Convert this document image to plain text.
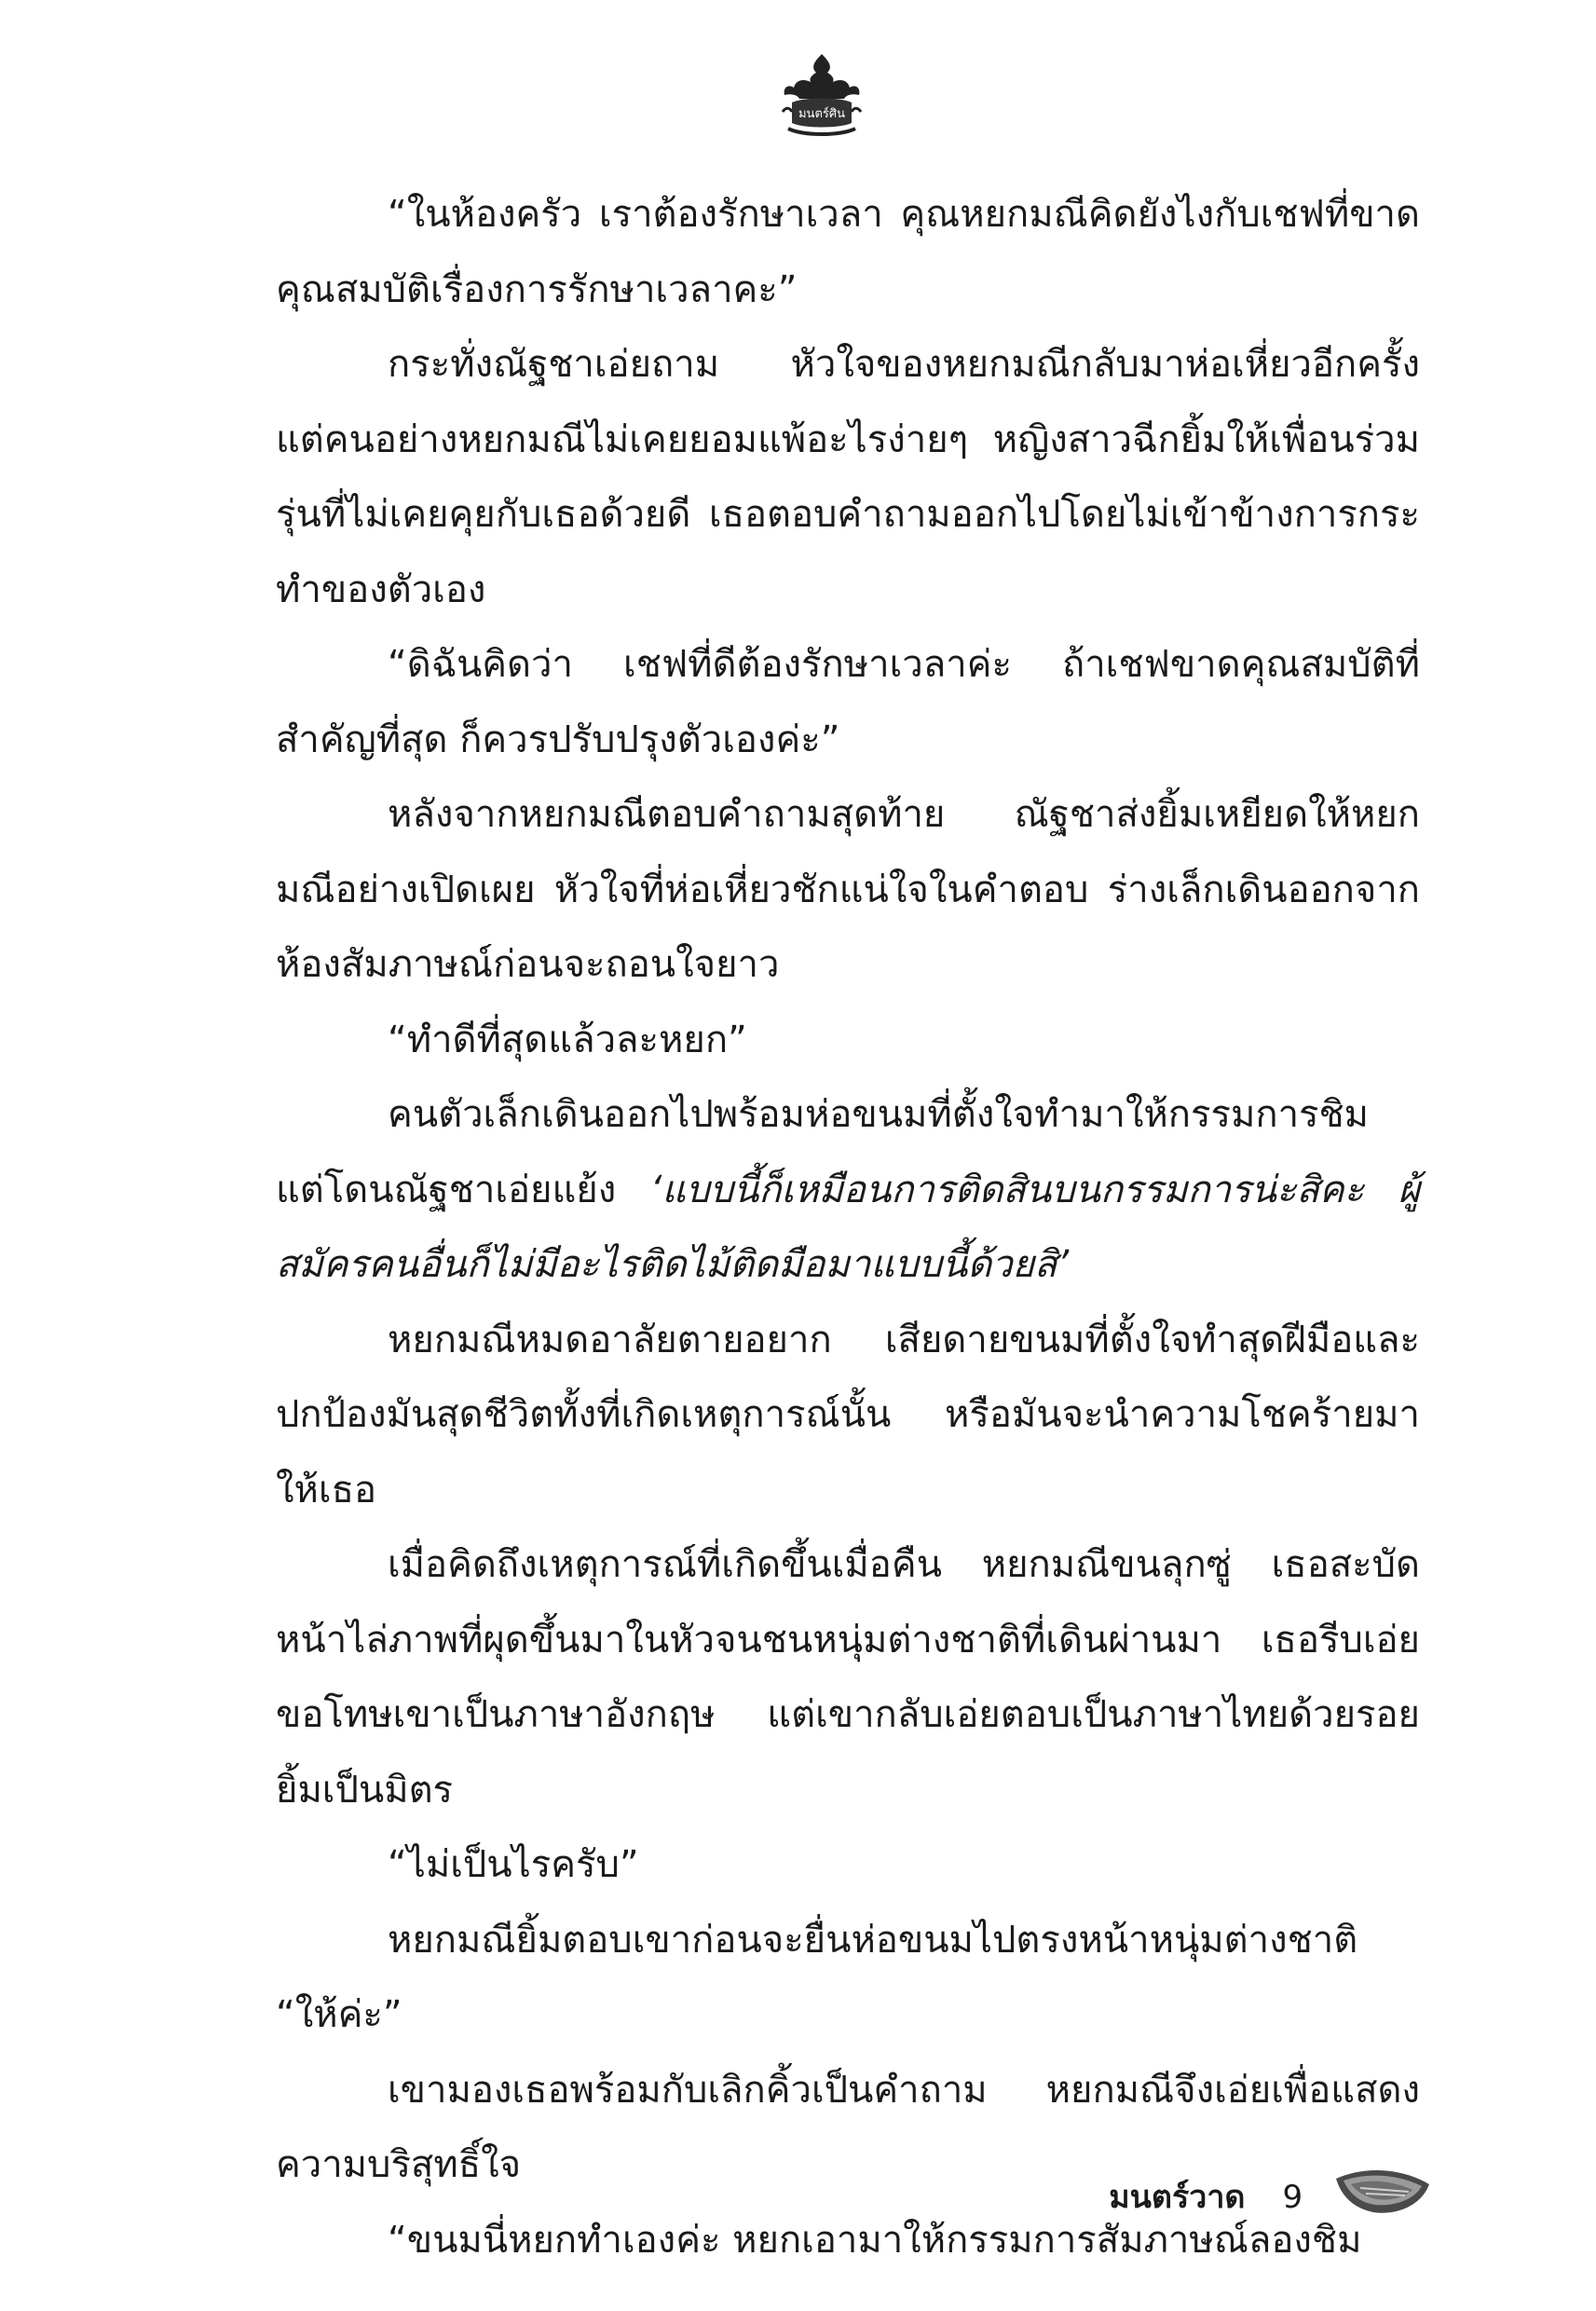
มนตร์ศิน

“ในห้องครัว เราต้องรักษาเวลา คุณหยกมณีคิดยังไงกับเชฟที่ขาดคุณสมบัติเรื่องการรักษาเวลาคะ”

กระทั่งณัฐชาเอ่ยถาม หัวใจของหยกมณีกลับมาห่อเหี่ยวอีกครั้ง แต่คนอย่างหยกมณีไม่เคยยอมแพ้อะไรง่ายๆ หญิงสาวฉีกยิ้มให้เพื่อนร่วมรุ่นที่ไม่เคยคุยกับเธอด้วยดี เธอตอบคำถามออกไปโดยไม่เข้าข้างการกระทำของตัวเอง

“ดิฉันคิดว่า เชฟที่ดีต้องรักษาเวลาค่ะ ถ้าเชฟขาดคุณสมบัติที่สำคัญที่สุด ก็ควรปรับปรุงตัวเองค่ะ”

หลังจากหยกมณีตอบคำถามสุดท้าย ณัฐชาส่งยิ้มเหยียดให้หยกมณีอย่างเปิดเผย หัวใจที่ห่อเหี่ยวชักแน่ใจในคำตอบ ร่างเล็กเดินออกจากห้องสัมภาษณ์ก่อนจะถอนใจยาว

“ทำดีที่สุดแล้วละหยก”

คนตัวเล็กเดินออกไปพร้อมห่อขนมที่ตั้งใจทำมาให้กรรมการชิม แต่โดนณัฐชาเอ่ยแย้ง ‘แบบนี้ก็เหมือนการติดสินบนกรรมการน่ะสิคะ ผู้สมัครคนอื่นก็ไม่มีอะไรติดไม้ติดมือมาแบบนี้ด้วยสิ’

หยกมณีหมดอาลัยตายอยาก เสียดายขนมที่ตั้งใจทำสุดฝีมือและปกป้องมันสุดชีวิตทั้งที่เกิดเหตุการณ์นั้น หรือมันจะนำความโชคร้ายมาให้เธอ

เมื่อคิดถึงเหตุการณ์ที่เกิดขึ้นเมื่อคืน หยกมณีขนลุกซู่ เธอสะบัดหน้าไล่ภาพที่ผุดขึ้นมาในหัวจนชนหนุ่มต่างชาติที่เดินผ่านมา เธอรีบเอ่ยขอโทษเขาเป็นภาษาอังกฤษ แต่เขากลับเอ่ยตอบเป็นภาษาไทยด้วยรอยยิ้มเป็นมิตร

“ไม่เป็นไรครับ”

หยกมณียิ้มตอบเขาก่อนจะยื่นห่อขนมไปตรงหน้าหนุ่มต่างชาติ

“ให้ค่ะ”

เขามองเธอพร้อมกับเลิกคิ้วเป็นคำถาม หยกมณีจึงเอ่ยเพื่อแสดงความบริสุทธิ์ใจ

“ขนมนี่หยกทำเองค่ะ หยกเอามาให้กรรมการสัมภาษณ์ลองชิม

มนตร์วาด 9
